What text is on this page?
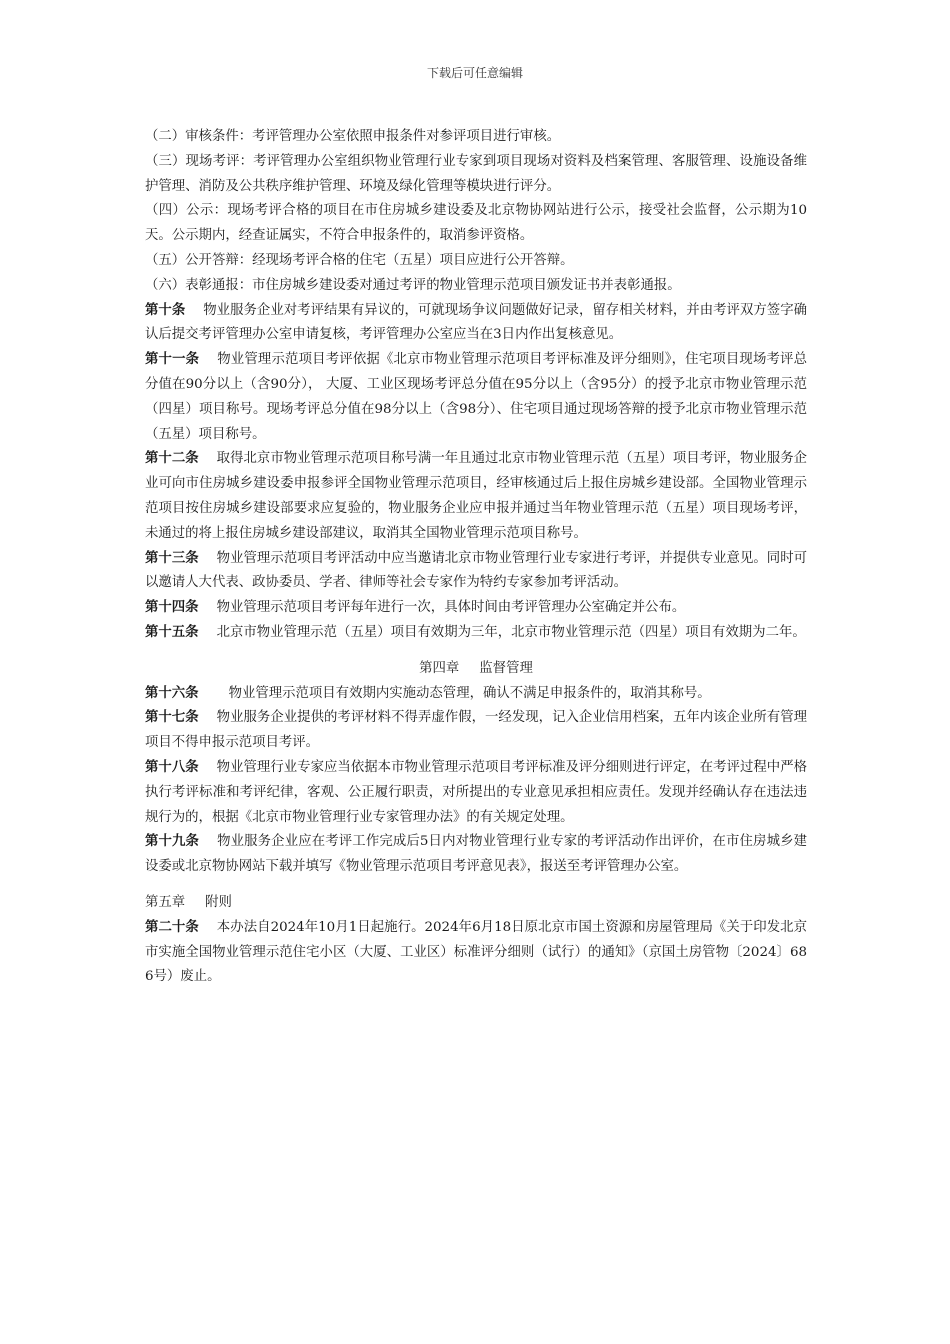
下载后可任意编辑

（二）审核条件：考评管理办公室依照申报条件对参评项目进行审核。

（三）现场考评：考评管理办公室组织物业管理行业专家到项目现场对资料及档案管理、客服管理、设施设备维护管理、消防及公共秩序维护管理、环境及绿化管理等模块进行评分。

（四）公示：现场考评合格的项目在市住房城乡建设委及北京物协网站进行公示，接受社会监督，公示期为10天。公示期内，经查证属实，不符合申报条件的，取消参评资格。

（五）公开答辩：经现场考评合格的住宅（五星）项目应进行公开答辩。

（六）表彰通报：市住房城乡建设委对通过考评的物业管理示范项目颁发证书并表彰通报。

第十条 物业服务企业对考评结果有异议的，可就现场争议问题做好记录，留存相关材料，并由考评双方签字确认后提交考评管理办公室申请复核，考评管理办公室应当在3日内作出复核意见。

第十一条 物业管理示范项目考评依据《北京市物业管理示范项目考评标准及评分细则》，住宅项目现场考评总分值在90分以上（含90分）， 大厦、工业区现场考评总分值在95分以上（含95分）的授予北京市物业管理示范（四星）项目称号。现场考评总分值在98分以上（含98分）、住宅项目通过现场答辩的授予北京市物业管理示范（五星）项目称号。

第十二条 取得北京市物业管理示范项目称号满一年且通过北京市物业管理示范（五星）项目考评，物业服务企业可向市住房城乡建设委申报参评全国物业管理示范项目，经审核通过后上报住房城乡建设部。全国物业管理示范项目按住房城乡建设部要求应复验的，物业服务企业应申报并通过当年物业管理示范（五星）项目现场考评，未通过的将上报住房城乡建设部建议，取消其全国物业管理示范项目称号。

第十三条 物业管理示范项目考评活动中应当邀请北京市物业管理行业专家进行考评，并提供专业意见。同时可以邀请人大代表、政协委员、学者、律师等社会专家作为特约专家参加考评活动。

第十四条 物业管理示范项目考评每年进行一次，具体时间由考评管理办公室确定并公布。

第十五条 北京市物业管理示范（五星）项目有效期为三年，北京市物业管理示范（四星）项目有效期为二年。

第四章 监督管理

第十六条 物业管理示范项目有效期内实施动态管理，确认不满足申报条件的，取消其称号。

第十七条 物业服务企业提供的考评材料不得弄虚作假，一经发现，记入企业信用档案，五年内该企业所有管理项目不得申报示范项目考评。

第十八条 物业管理行业专家应当依据本市物业管理示范项目考评标准及评分细则进行评定，在考评过程中严格执行考评标准和考评纪律，客观、公正履行职责，对所提出的专业意见承担相应责任。发现并经确认存在违法违规行为的，根据《北京市物业管理行业专家管理办法》的有关规定处理。

第十九条 物业服务企业应在考评工作完成后5日内对物业管理行业专家的考评活动作出评价，在市住房城乡建设委或北京物协网站下载并填写《物业管理示范项目考评意见表》，报送至考评管理办公室。

第五章 附则

第二十条 本办法自2024年10月1日起施行。2024年6月18日原北京市国土资源和房屋管理局《关于印发北京市实施全国物业管理示范住宅小区（大厦、工业区）标准评分细则（试行）的通知》（京国土房管物〔2024〕686号）废止。
